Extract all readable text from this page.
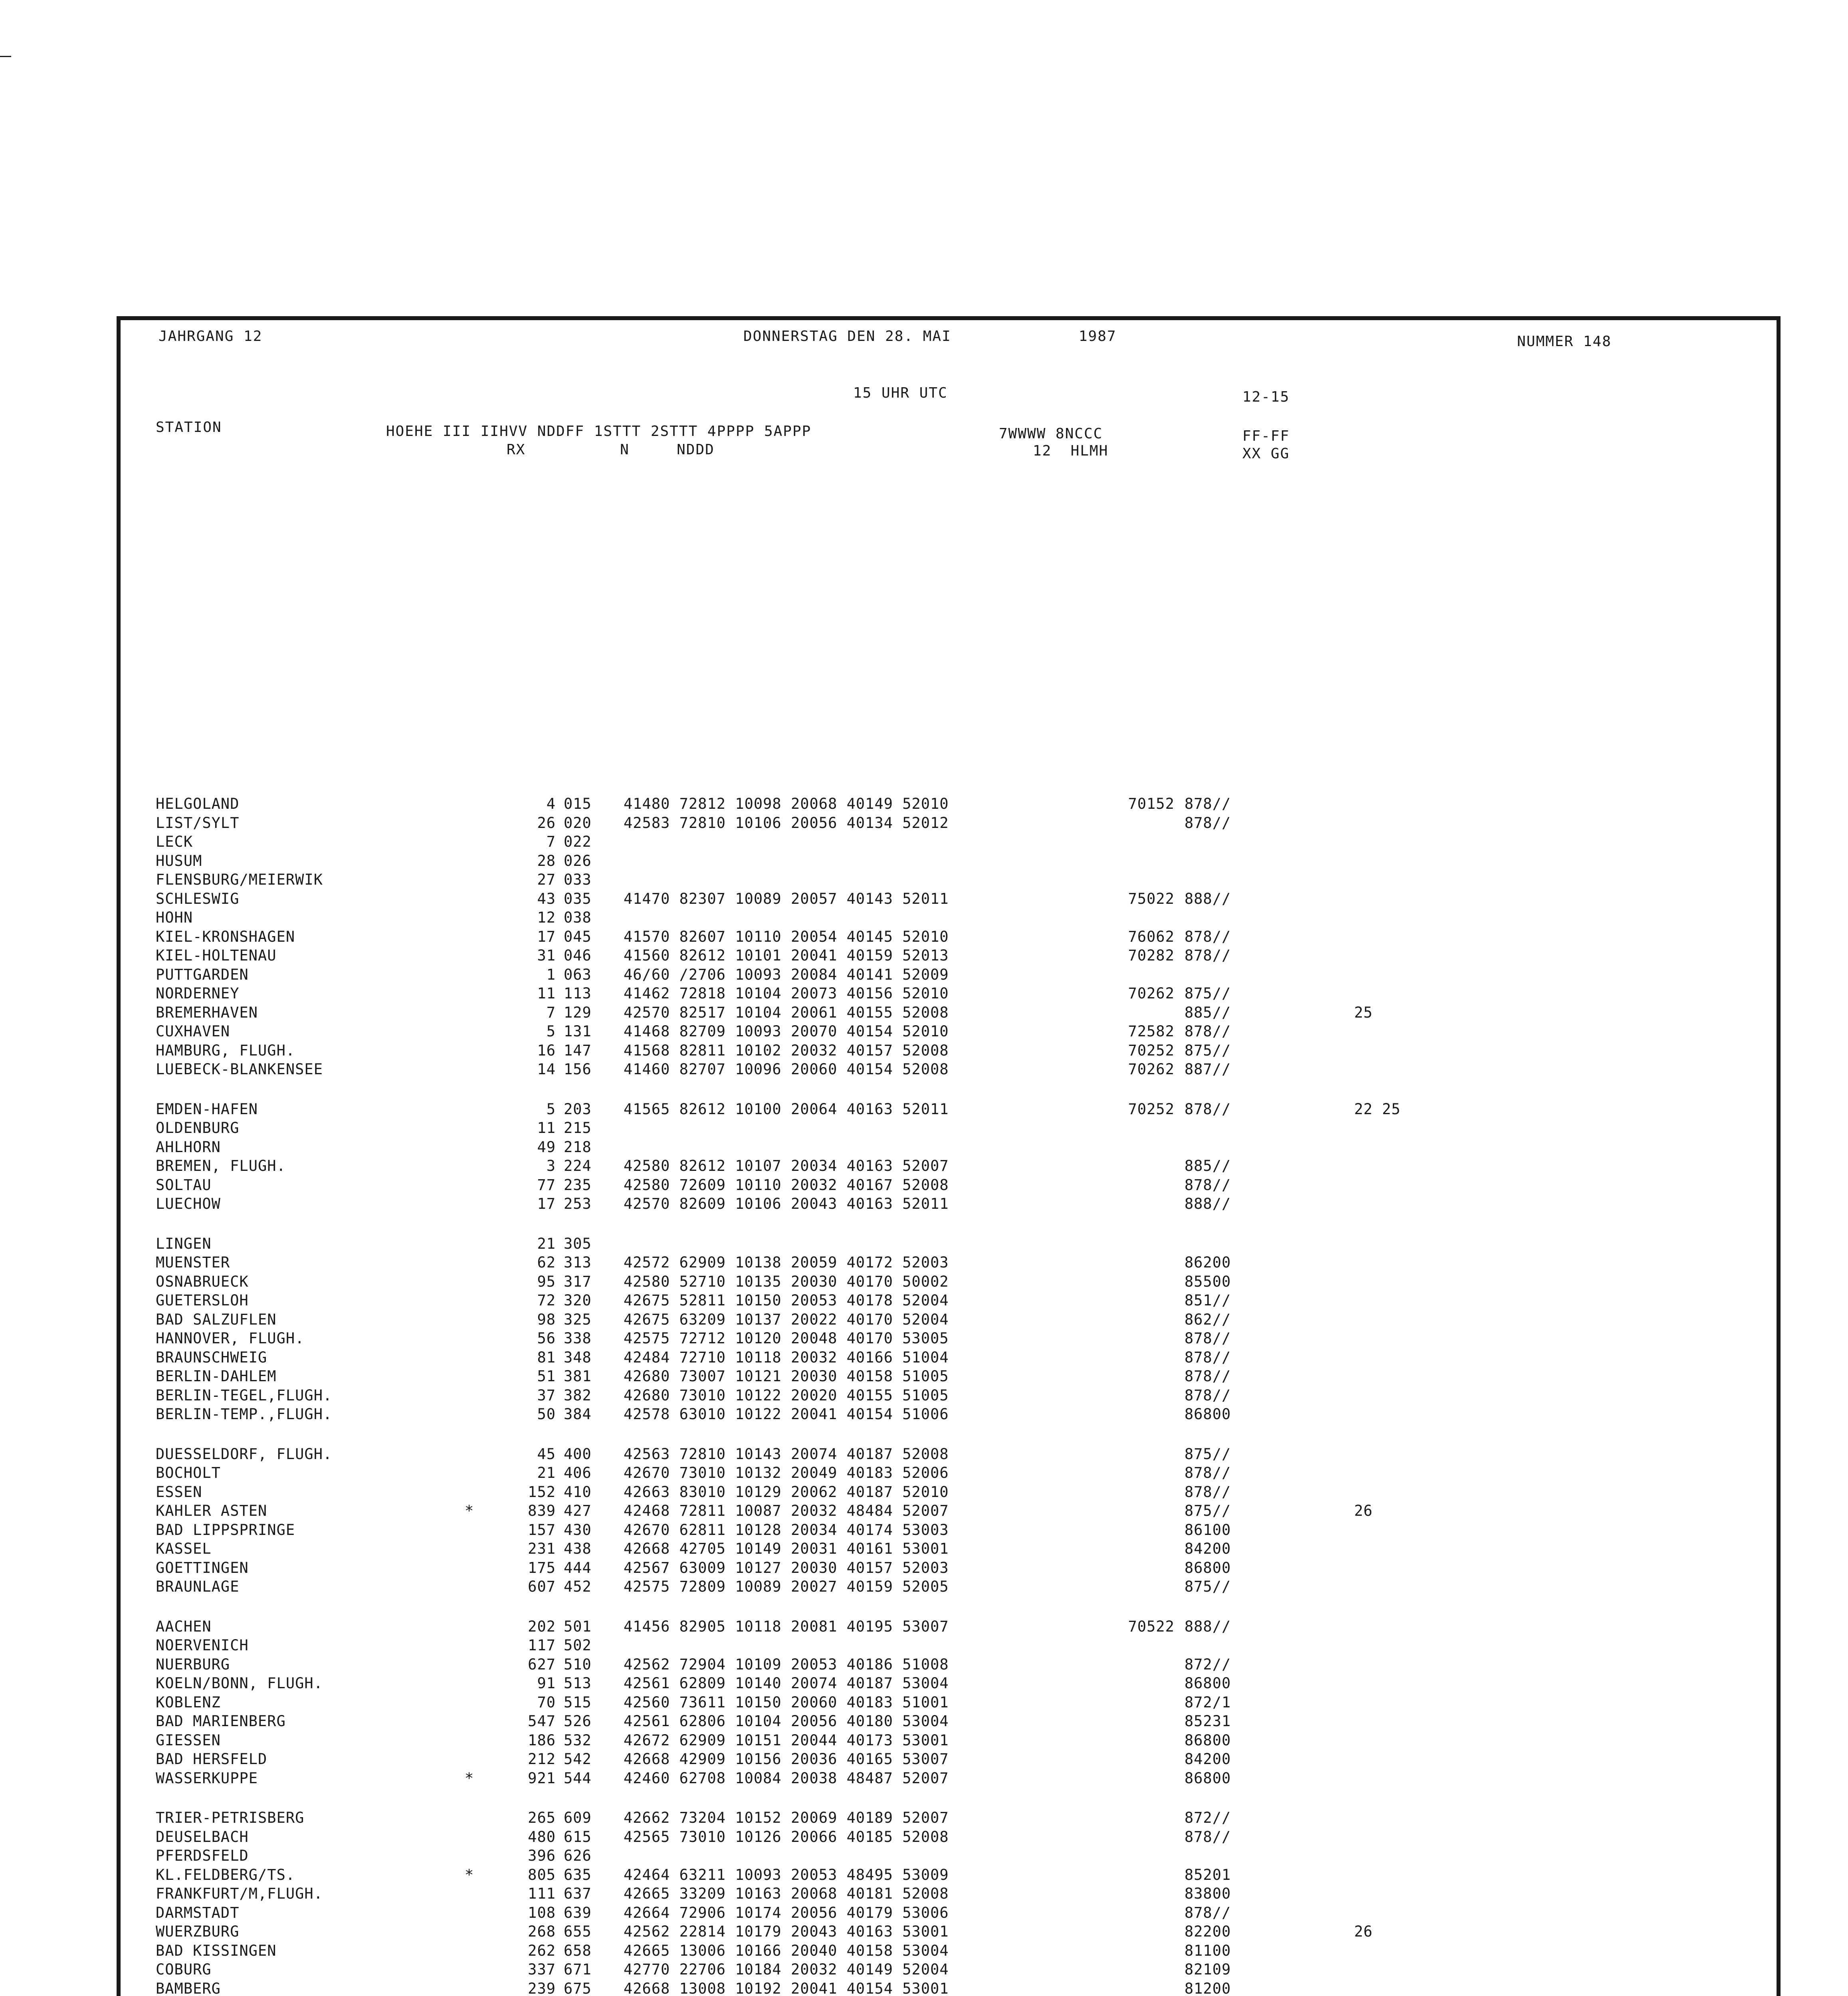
JAHRGANG 12	DONNERSTAG DEN 28. MAI	1987
15 UHR UTC	12-15
STATION	HOEHE III IIHVV NDDFF 1STTT 2STTT 4PPPP 5APPP
RX          N     NDDD
7WWWW 8NCCC
12  HLMH
FF-FF
XX GG
HELGOLAND	4 015 41480 72812 10098 20068 40149 52010	70152 878//
LIST/SYLT	26 020 42583 72810 10106 20056 40134 52012	878//
LECK	7 022
HUSUM	28 026
FLENSBURG/MEIERWIK	27 033
SCHLESWIG	43 035 41470 82307 10089 20057 40143 52011	75022 888//
HOHN	12 038
KIEL-KRONSHAGEN	17 045 41570 82607 10110 20054 40145 52010	76062 878//
KIEL-HOLTENAU	31 046 41560 82612 10101 20041 40159 52013	70282 878//
PUTTGARDEN	1 063 46/60 /2706 10093 20084 40141 52009
NORDERNEY	11 113 41462 72818 10104 20073 40156 52010	70262 875//
BREMERHAVEN	7 129 42570 82517 10104 20061 40155 52008	885//	25
CUXHAVEN	5 131 41468 82709 10093 20070 40154 52010	72582 878//
HAMBURG, FLUGH.	16 147 41568 82811 10102 20032 40157 52008	70252 875//
LUEBECK-BLANKENSEE	14 156 41460 82707 10096 20060 40154 52008	70262 887//
EMDEN-HAFEN	5 203 41565 82612 10100 20064 40163 52011	70252 878//	22 25
OLDENBURG	11 215
AHLHORN	49 218
BREMEN, FLUGH.	3 224 42580 82612 10107 20034 40163 52007	885//
SOLTAU	77 235 42580 72609 10110 20032 40167 52008	878//
LUECHOW	17 253 42570 82609 10106 20043 40163 52011	888//
LINGEN	21 305
MUENSTER	62 313 42572 62909 10138 20059 40172 52003	86200
OSNABRUECK	95 317 42580 52710 10135 20030 40170 50002	85500
GUETERSLOH	72 320 42675 52811 10150 20053 40178 52004	851//
BAD SALZUFLEN	98 325 42675 63209 10137 20022 40170 52004	862//
HANNOVER, FLUGH.	56 338 42575 72712 10120 20048 40170 53005	878//
BRAUNSCHWEIG	81 348 42484 72710 10118 20032 40166 51004	878//
BERLIN-DAHLEM	51 381 42680 73007 10121 20030 40158 51005	878//
BERLIN-TEGEL,FLUGH.	37 382 42680 73010 10122 20020 40155 51005	878//
BERLIN-TEMP.,FLUGH.	50 384 42578 63010 10122 20041 40154 51006	86800
DUESSELDORF, FLUGH.	45 400 42563 72810 10143 20074 40187 52008	875//
BOCHOLT	21 406 42670 73010 10132 20049 40183 52006	878//
ESSEN	152 410 42663 83010 10129 20062 40187 52010	878//
KAHLER ASTEN	*	839 427 42468 72811 10087 20032 48484 52007	875//	26
BAD LIPPSPRINGE	157 430 42670 62811 10128 20034 40174 53003	86100
KASSEL	231 438 42668 42705 10149 20031 40161 53001	84200
GOETTINGEN	175 444 42567 63009 10127 20030 40157 52003	86800
BRAUNLAGE	607 452 42575 72809 10089 20027 40159 52005	875//
AACHEN	202 501 41456 82905 10118 20081 40195 53007	70522 888//
NOERVENICH	117 502
NUERBURG	627 510 42562 72904 10109 20053 40186 51008	872//
KOELN/BONN, FLUGH.	91 513 42561 62809 10140 20074 40187 53004	86800
KOBLENZ	70 515 42560 73611 10150 20060 40183 51001	872/1
BAD MARIENBERG	547 526 42561 62806 10104 20056 40180 53004	85231
GIESSEN	186 532 42672 62909 10151 20044 40173 53001	86800
BAD HERSFELD	212 542 42668 42909 10156 20036 40165 53007	84200
WASSERKUPPE	*	921 544 42460 62708 10084 20038 48487 52007	86800
TRIER-PETRISBERG	265 609 42662 73204 10152 20069 40189 52007	872//
DEUSELBACH	480 615 42565 73010 10126 20066 40185 52008	878//
PFERDSFELD	396 626
KL.FELDBERG/TS.	*	805 635 42464 63211 10093 20053 48495 53009	85201
FRANKFURT/M,FLUGH.	111 637 42665 33209 10163 20068 40181 52008	83800
DARMSTADT	108 639 42664 72906 10174 20056 40179 53006	878//
WUERZBURG	268 655 42562 22814 10179 20043 40163 53001	82200	26
BAD KISSINGEN	262 658 42665 13006 10166 20040 40158 53004	81100
COBURG	337 671 42770 22706 10184 20032 40149 52004	82109
BAMBERG	239 675 42668 13008 10192 20041 40154 53001	81200
NUMMER 148
